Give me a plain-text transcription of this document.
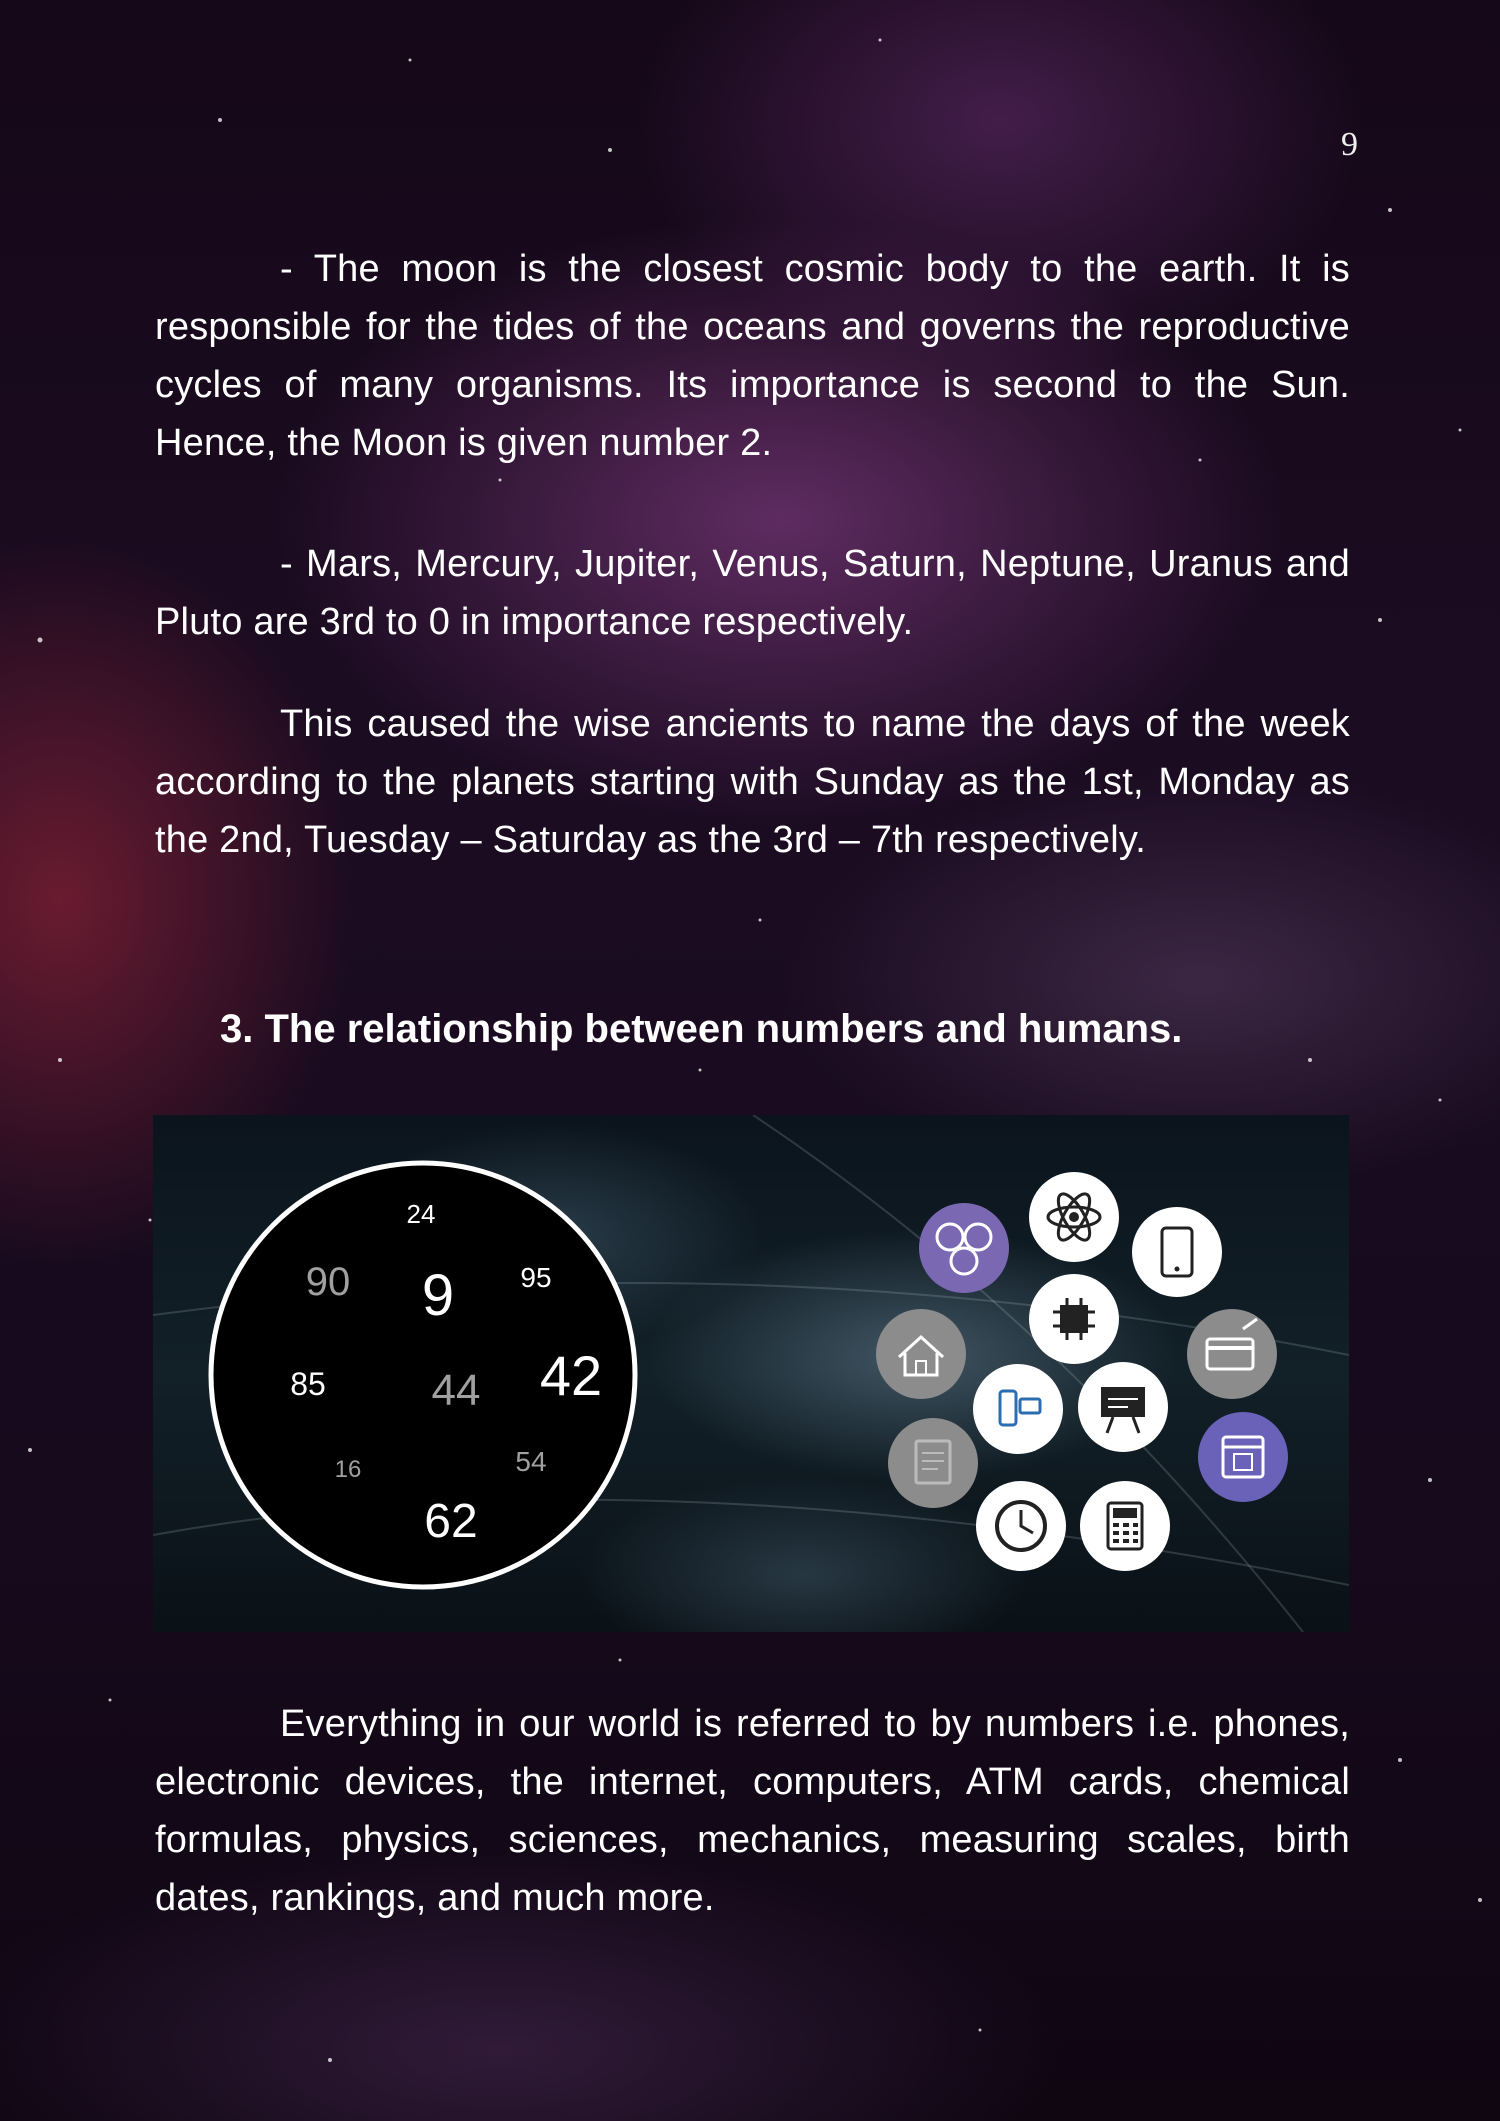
9

- The moon is the closest cosmic body to the earth. It is responsible for the tides of the oceans and governs the reproductive cycles of many organisms. Its importance is second to the Sun. Hence, the Moon is given number 2.

- Mars, Mercury, Jupiter, Venus, Saturn, Neptune, Uranus and Pluto are 3rd to 0 in importance respectively.

This caused the wise ancients to name the days of the week according to the planets starting with Sunday as the 1st, Monday as the 2nd, Tuesday – Saturday as the 3rd – 7th respectively.

3. The relationship between numbers and humans.
24
90 9 95
85 44 42
16	54
62

Everything in our world is referred to by numbers i.e. phones, electronic devices, the internet, computers, ATM cards, chemical formulas, physics, sciences, mechanics, measuring scales, birth dates, rankings, and much more.
